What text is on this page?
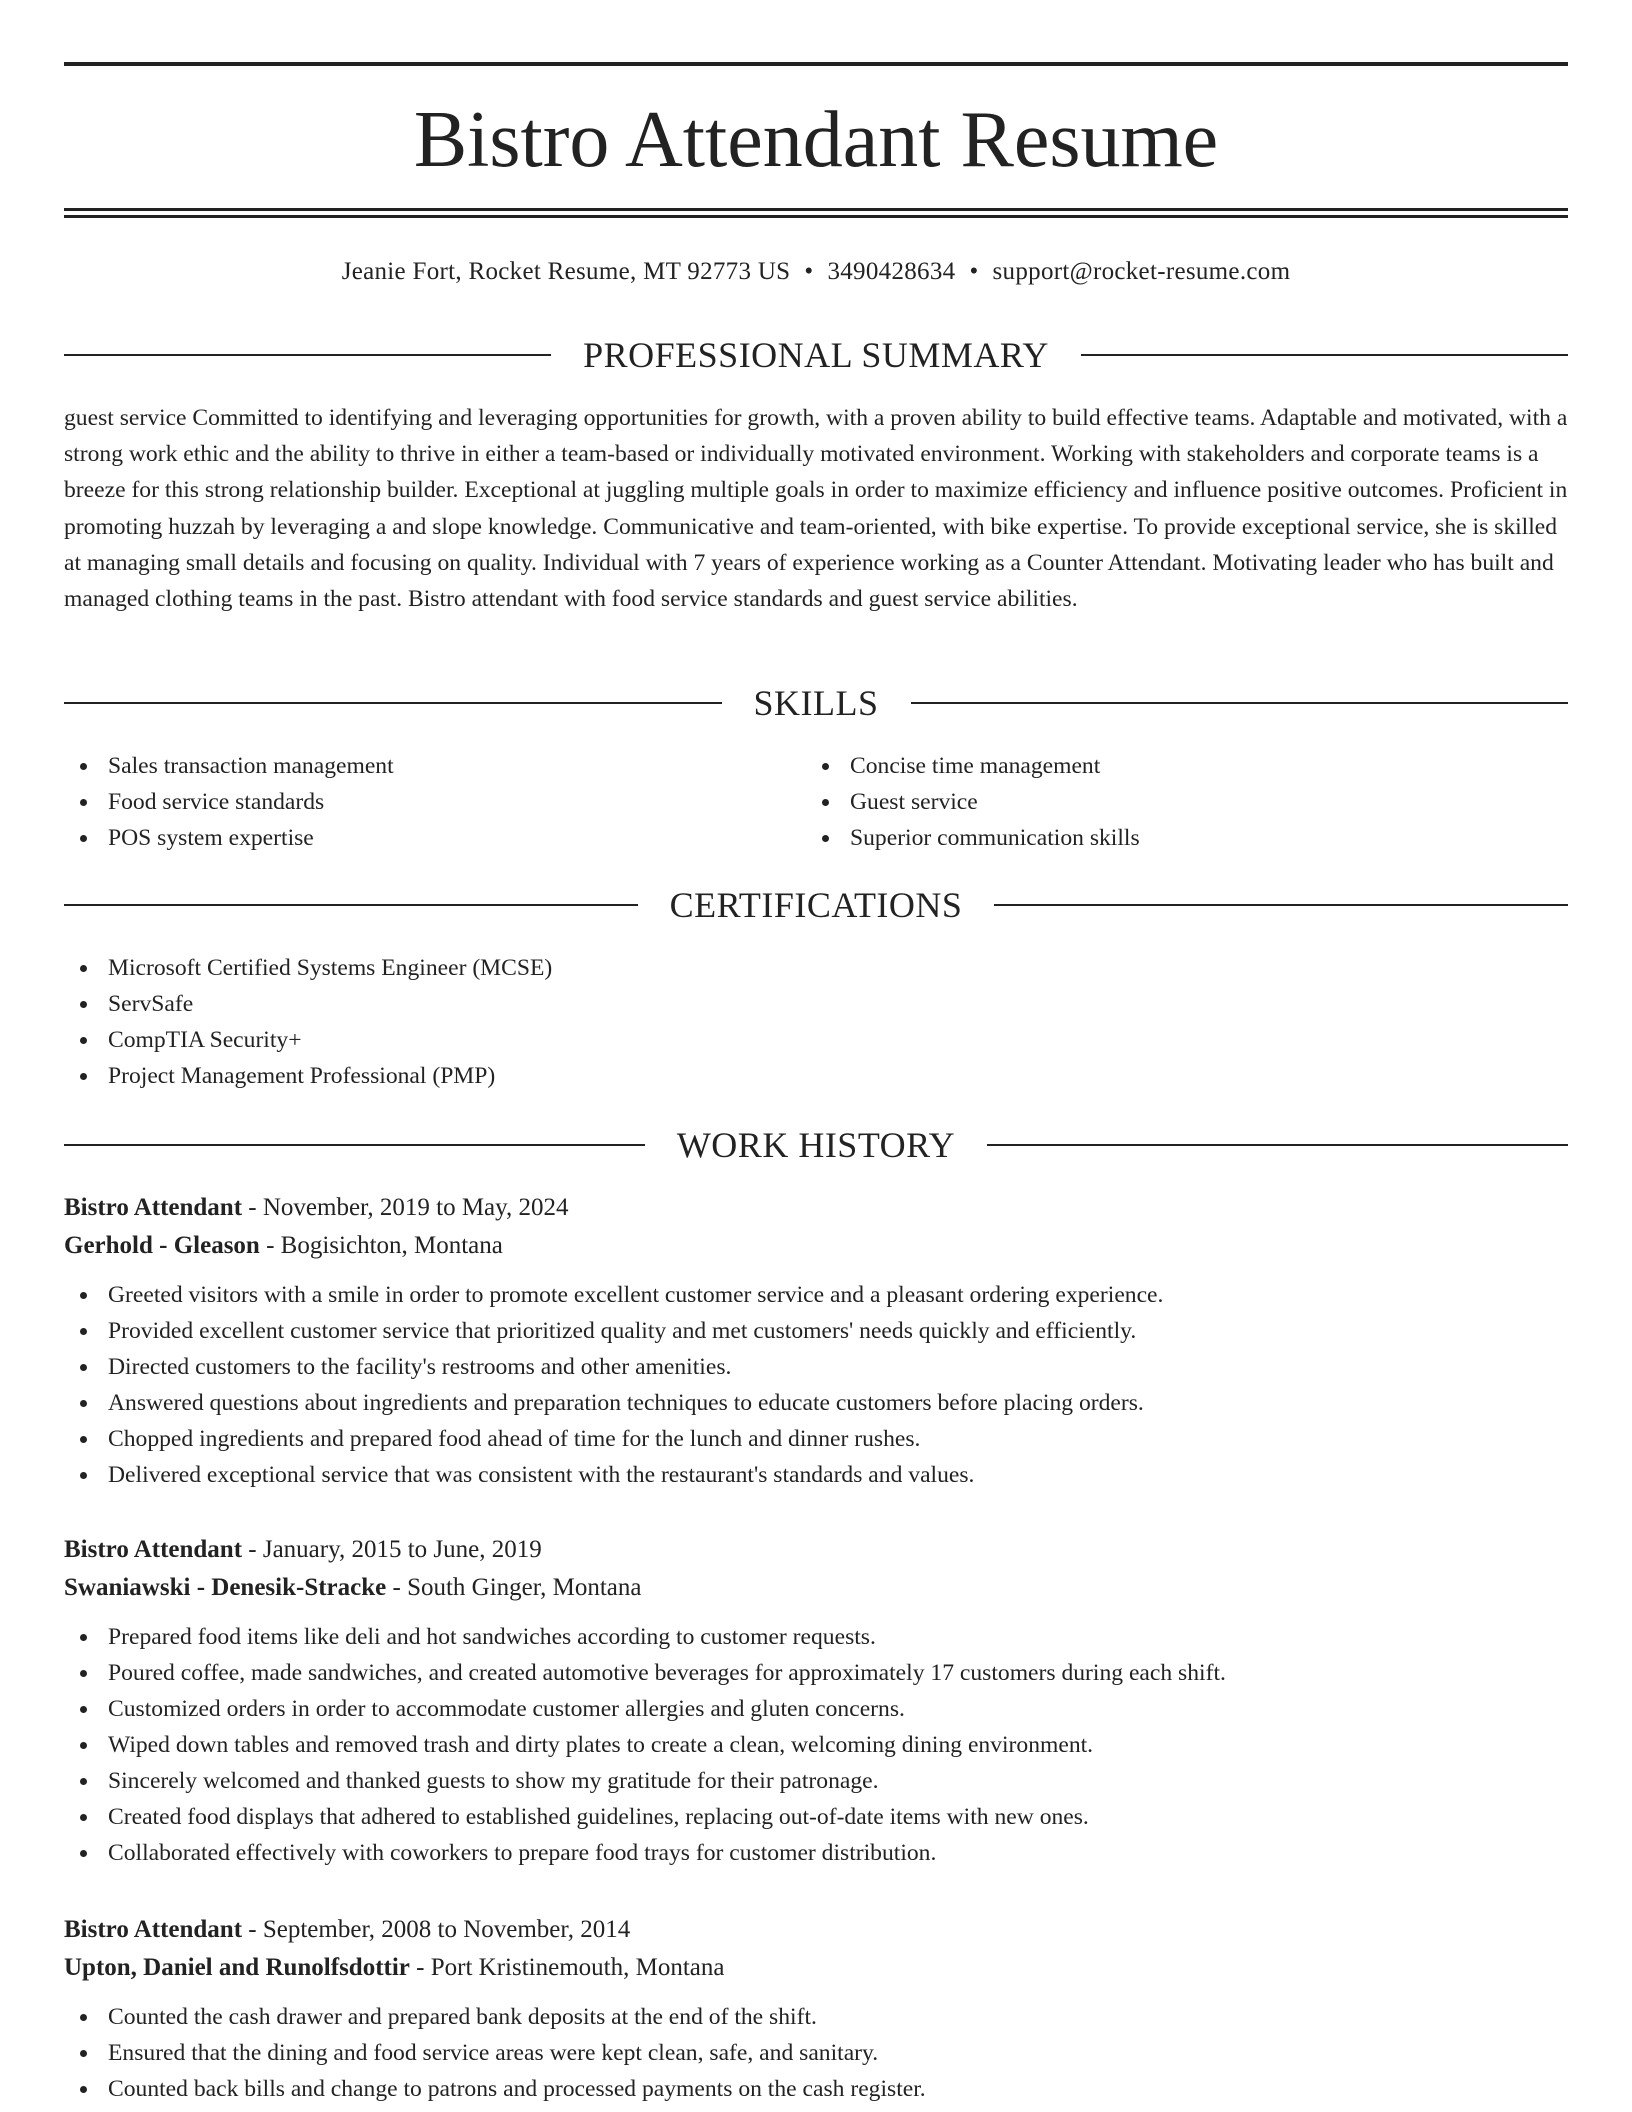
Bistro Attendant Resume
Jeanie Fort, Rocket Resume, MT 92773 US • 3490428634 • support@rocket-resume.com
PROFESSIONAL SUMMARY

guest service Committed to identifying and leveraging opportunities for growth, with a proven ability to build effective teams. Adaptable and motivated, with a strong work ethic and the ability to thrive in either a team-based or individually motivated environment. Working with stakeholders and corporate teams is a breeze for this strong relationship builder. Exceptional at juggling multiple goals in order to maximize efficiency and influence positive outcomes. Proficient in promoting huzzah by leveraging a and slope knowledge. Communicative and team-oriented, with bike expertise. To provide exceptional service, she is skilled at managing small details and focusing on quality. Individual with 7 years of experience working as a Counter Attendant. Motivating leader who has built and managed clothing teams in the past. Bistro attendant with food service standards and guest service abilities.

SKILLS
Sales transaction management
Food service standards
POS system expertise
Concise time management
Guest service
Superior communication skills
CERTIFICATIONS
Microsoft Certified Systems Engineer (MCSE)
ServSafe
CompTIA Security+
Project Management Professional (PMP)
WORK HISTORY
Bistro Attendant - November, 2019 to May, 2024
Gerhold - Gleason - Bogisichton, Montana
Greeted visitors with a smile in order to promote excellent customer service and a pleasant ordering experience.
Provided excellent customer service that prioritized quality and met customers' needs quickly and efficiently.
Directed customers to the facility's restrooms and other amenities.
Answered questions about ingredients and preparation techniques to educate customers before placing orders.
Chopped ingredients and prepared food ahead of time for the lunch and dinner rushes.
Delivered exceptional service that was consistent with the restaurant's standards and values.
Bistro Attendant - January, 2015 to June, 2019
Swaniawski - Denesik-Stracke - South Ginger, Montana
Prepared food items like deli and hot sandwiches according to customer requests.
Poured coffee, made sandwiches, and created automotive beverages for approximately 17 customers during each shift.
Customized orders in order to accommodate customer allergies and gluten concerns.
Wiped down tables and removed trash and dirty plates to create a clean, welcoming dining environment.
Sincerely welcomed and thanked guests to show my gratitude for their patronage.
Created food displays that adhered to established guidelines, replacing out-of-date items with new ones.
Collaborated effectively with coworkers to prepare food trays for customer distribution.
Bistro Attendant - September, 2008 to November, 2014
Upton, Daniel and Runolfsdottir - Port Kristinemouth, Montana
Counted the cash drawer and prepared bank deposits at the end of the shift.
Ensured that the dining and food service areas were kept clean, safe, and sanitary.
Counted back bills and change to patrons and processed payments on the cash register.
